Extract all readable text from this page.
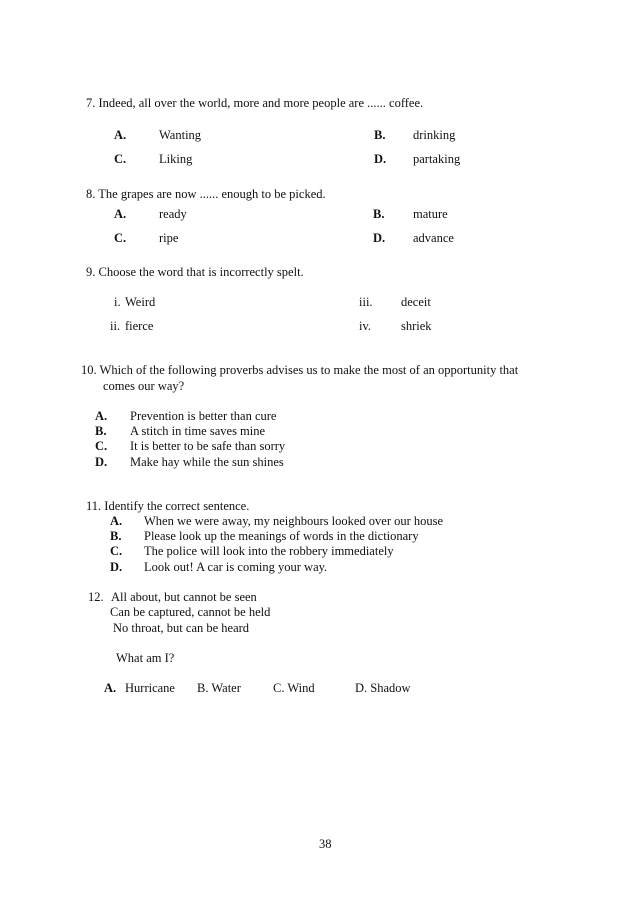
7. Indeed, all over the world, more and more people are ...... coffee.
A.	Wanting	B. drinking
C.	Liking	D. partaking
8. The grapes are now ...... enough to be picked.
A.	ready	B. mature
C.	ripe	D. advance
9. Choose the word that is incorrectly spelt.
i. Weird
ii. fierce
iii. deceit
iv. shriek
10. Which of the following proverbs advises us to make the most of an opportunity that
comes our way?
A. Prevention is better than cure
B. A stitch in time saves mine
C. It is better to be safe than sorry
D. Make hay while the sun shines
11. Identify the correct sentence.
A. When we were away, my neighbours looked over our house
B. Please look up the meanings of words in the dictionary
C. The police will look into the robbery immediately
D. Look out! A car is coming your way.
12. All about, but cannot be seen
Can be captured, cannot be held
No throat, but can be heard
What am I?
A. Hurricane B. Water	C. Wind	D. Shadow
38
